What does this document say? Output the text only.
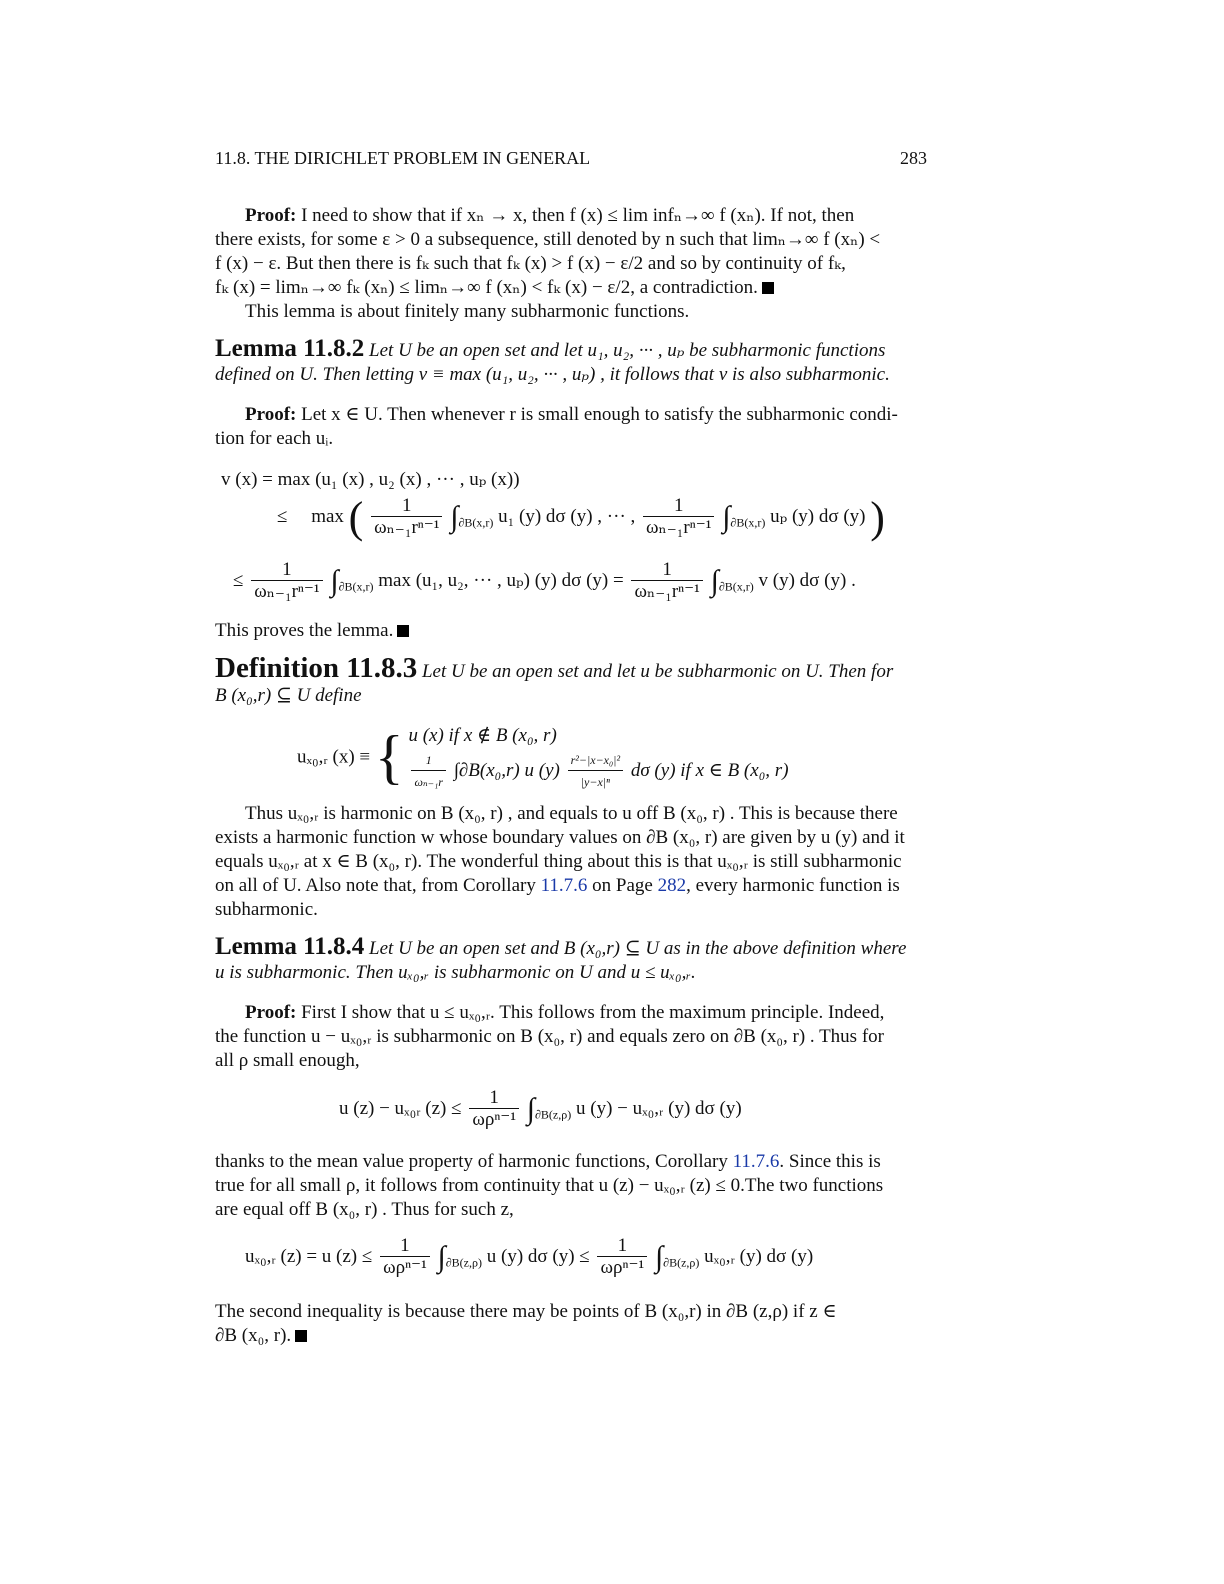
11.8. THE DIRICHLET PROBLEM IN GENERAL	283
Proof: I need to show that if xₙ → x, then f (x) ≤ lim infₙ→∞ f (xₙ). If not, then
there exists, for some ε > 0 a subsequence, still denoted by n such that limₙ→∞ f (xₙ) <
f (x) − ε. But then there is fₖ such that fₖ (x) > f (x) − ε/2 and so by continuity of fₖ,
fₖ (x) = limₙ→∞ fₖ (xₙ) ≤ limₙ→∞ f (xₙ) < fₖ (x) − ε/2, a contradiction.
This lemma is about finitely many subharmonic functions.
Lemma 11.8.2 Let U be an open set and let u₁, u₂, ··· , uₚ be subharmonic functions
defined on U. Then letting v ≡ max (u₁, u₂, ··· , uₚ) , it follows that v is also subharmonic.
Proof: Let x ∈ U. Then whenever r is small enough to satisfy the subharmonic condi-
tion for each uᵢ.
v (x) = max (u₁ (x) , u₂ (x) , ··· , uₚ (x))
≤ max ( $\frac{1}{\text{ωₙ₋₁rⁿ⁻¹}} \int_{\partial B(x,r)}$ u₁ (y) dσ (y) , ··· , $\frac{1}{\text{ωₙ₋₁rⁿ⁻¹}} \int_{\partial B(x,r)}$ uₚ (y) dσ (y) )
≤ $\frac{1}{\text{ωₙ₋₁rⁿ⁻¹}} \int_{\partial B(x,r)}$ max (u₁, u₂, ··· , uₚ) (y) dσ $(y) = \frac{1}{\text{ωₙ₋₁rⁿ⁻¹}} \int_{\partial B(x,r)}$ v (y) dσ (y) .
This proves the lemma.
Definition 11.8.3 Let U be an open set and let u be subharmonic on U. Then for
B (x₀,r) ⊆ U define
uₓ₀,ᵣ (x) ≡ { u (x) if x ∉ B (x₀, r)
$\frac{1}{\text{ωₙ₋₁r}} \int\partial B(x_0,r)$ u $(y) \frac{\text{r²−|x−x₀|²}}{\text{|y−x|ⁿ}}$ dσ (y) if x ∈ B (x₀, r)
Thus uₓ₀,ᵣ is harmonic on B (x₀, r) , and equals to u off B (x₀, r) . This is because there
exists a harmonic function w whose boundary values on ∂B (x₀, r) are given by u (y) and it
equals uₓ₀,ᵣ at x ∈ B (x₀, r). The wonderful thing about this is that uₓ₀,ᵣ is still subharmonic
on all of U. Also note that, from Corollary 11.7.6 on Page 282, every harmonic function is
subharmonic.
Lemma 11.8.4 Let U be an open set and B (x₀,r) ⊆ U as in the above definition where
u is subharmonic. Then uₓ₀,ᵣ is subharmonic on U and u ≤ uₓ₀,ᵣ.
Proof: First I show that u ≤ uₓ₀,ᵣ. This follows from the maximum principle. Indeed,
the function u − uₓ₀,ᵣ is subharmonic on B (x₀, r) and equals zero on ∂B (x₀, r) . Thus for
all ρ small enough,
u (z) − uₓ₀ᵣ $(z) \le \frac{1}{\text{ωρⁿ⁻¹}} \int_{\partial B(z,\rho)}$ u (y) − uₓ₀,ᵣ (y) dσ (y)
thanks to the mean value property of harmonic functions, Corollary 11.7.6. Since this is
true for all small ρ, it follows from continuity that u (z) − uₓ₀,ᵣ (z) ≤ 0.The two functions
are equal off B (x₀, r) . Thus for such z,
uₓ₀,ᵣ (z) = u $(z) \le \frac{1}{\text{ωρⁿ⁻¹}} \int_{\partial B(z,\rho)}$ u (y) dσ $(y) \le \frac{1}{\text{ωρⁿ⁻¹}} \int_{\partial B(z,\rho)}$ uₓ₀,ᵣ (y) dσ (y)
The second inequality is because there may be points of B (x₀,r) in ∂B (z,ρ) if z ∈
∂B (x₀, r).
